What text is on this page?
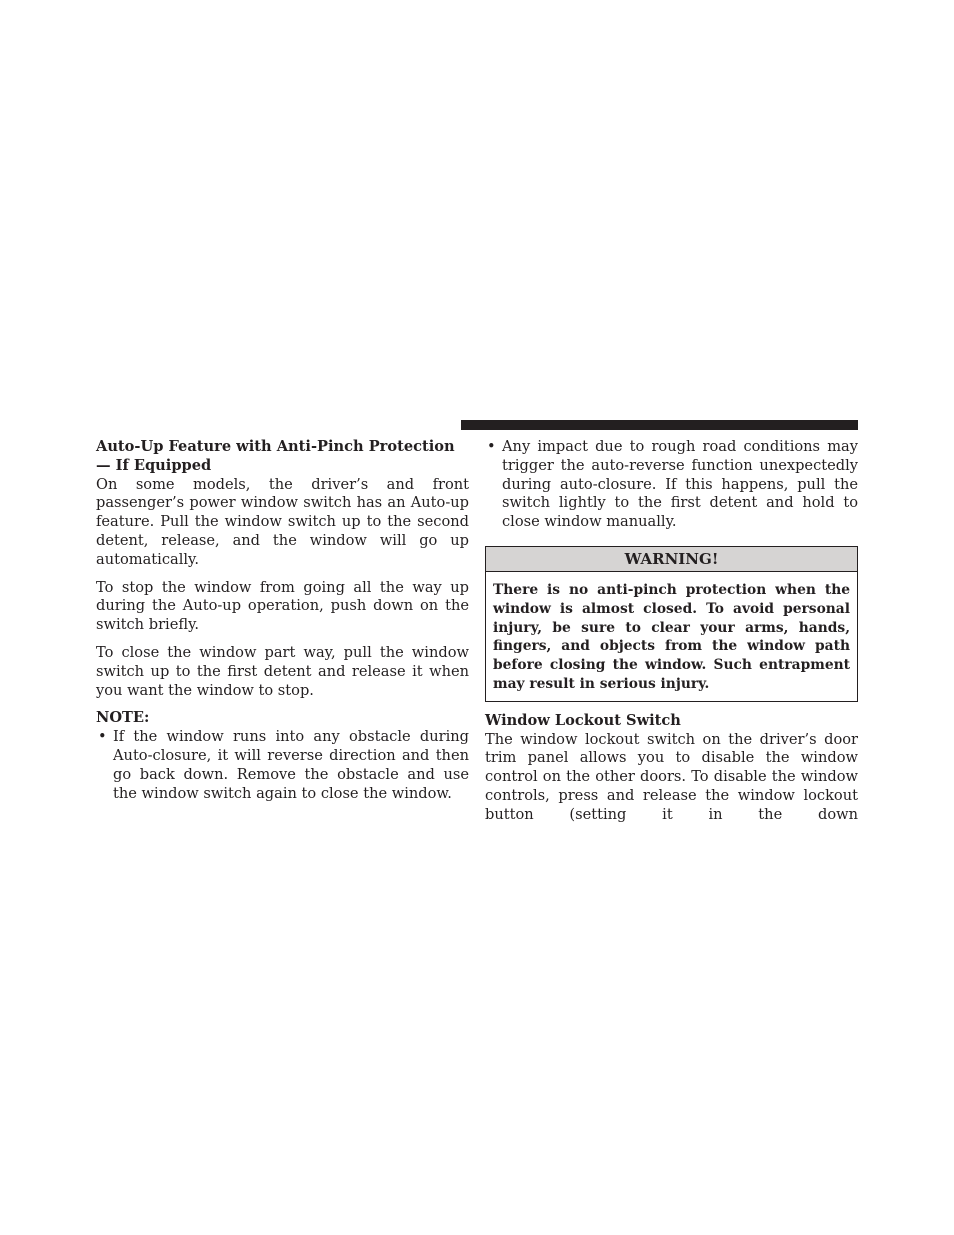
Auto-Up Feature with Anti-Pinch Protection — If Equipped

On some models, the driver’s and front passenger’s power window switch has an Auto-up feature. Pull the window switch up to the second detent, release, and the window will go up automatically.

To stop the window from going all the way up during the Auto-up operation, push down on the switch briefly.

To close the window part way, pull the window switch up to the first detent and release it when you want the window to stop.

NOTE:

• If the window runs into any obstacle during Auto-closure, it will reverse direction and then go back down. Remove the obstacle and use the window switch again to close the window.
• Any impact due to rough road conditions may trigger the auto-reverse function unexpectedly during auto-closure. If this happens, pull the switch lightly to the first detent and hold to close window manually.
WARNING!
There is no anti-pinch protection when the window is almost closed. To avoid personal injury, be sure to clear your arms, hands, fingers, and objects from the window path before closing the window. Such entrapment may result in serious injury.

Window Lockout Switch

The window lockout switch on the driver’s door trim panel allows you to disable the window control on the other doors. To disable the window controls, press and release the window lockout button (setting it in the down
